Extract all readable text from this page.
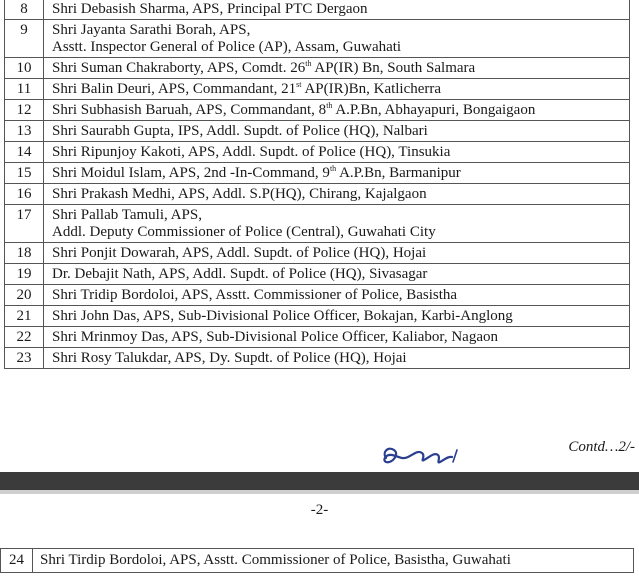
8	Shri Debasish Sharma, APS, Principal PTC Dergaon
9	Shri Jayanta Sarathi Borah, APS,
Asstt. Inspector General of Police (AP), Assam, Guwahati
10	Shri Suman Chakraborty, APS, Comdt. 26th AP(IR) Bn, South Salmara
11	Shri Balin Deuri, APS, Commandant, 21st AP(IR)Bn, Katlicherra
12	Shri Subhasish Baruah, APS, Commandant, 8th A.P.Bn, Abhayapuri, Bongaigaon
13	Shri Saurabh Gupta, IPS, Addl. Supdt. of Police (HQ), Nalbari
14	Shri Ripunjoy Kakoti, APS, Addl. Supdt. of Police (HQ), Tinsukia
15	Shri Moidul Islam, APS, 2nd -In-Command, 9th A.P.Bn, Barmanipur
16	Shri Prakash Medhi, APS, Addl. S.P(HQ), Chirang, Kajalgaon
17	Shri Pallab Tamuli, APS,
Addl. Deputy Commissioner of Police (Central), Guwahati City
18	Shri Ponjit Dowarah, APS, Addl. Supdt. of Police (HQ), Hojai
19	Dr. Debajit Nath, APS, Addl. Supdt. of Police (HQ), Sivasagar
20	Shri Tridip Bordoloi, APS, Asstt. Commissioner of Police, Basistha
21	Shri John Das, APS, Sub-Divisional Police Officer, Bokajan, Karbi-Anglong
22	Shri Mrinmoy Das, APS, Sub-Divisional Police Officer, Kaliabor, Nagaon
23	Shri Rosy Talukdar, APS, Dy. Supdt. of Police (HQ), Hojai
Contd…2/-
-2-
24	Shri Tirdip Bordoloi, APS, Asstt. Commissioner of Police, Basistha, Guwahati
